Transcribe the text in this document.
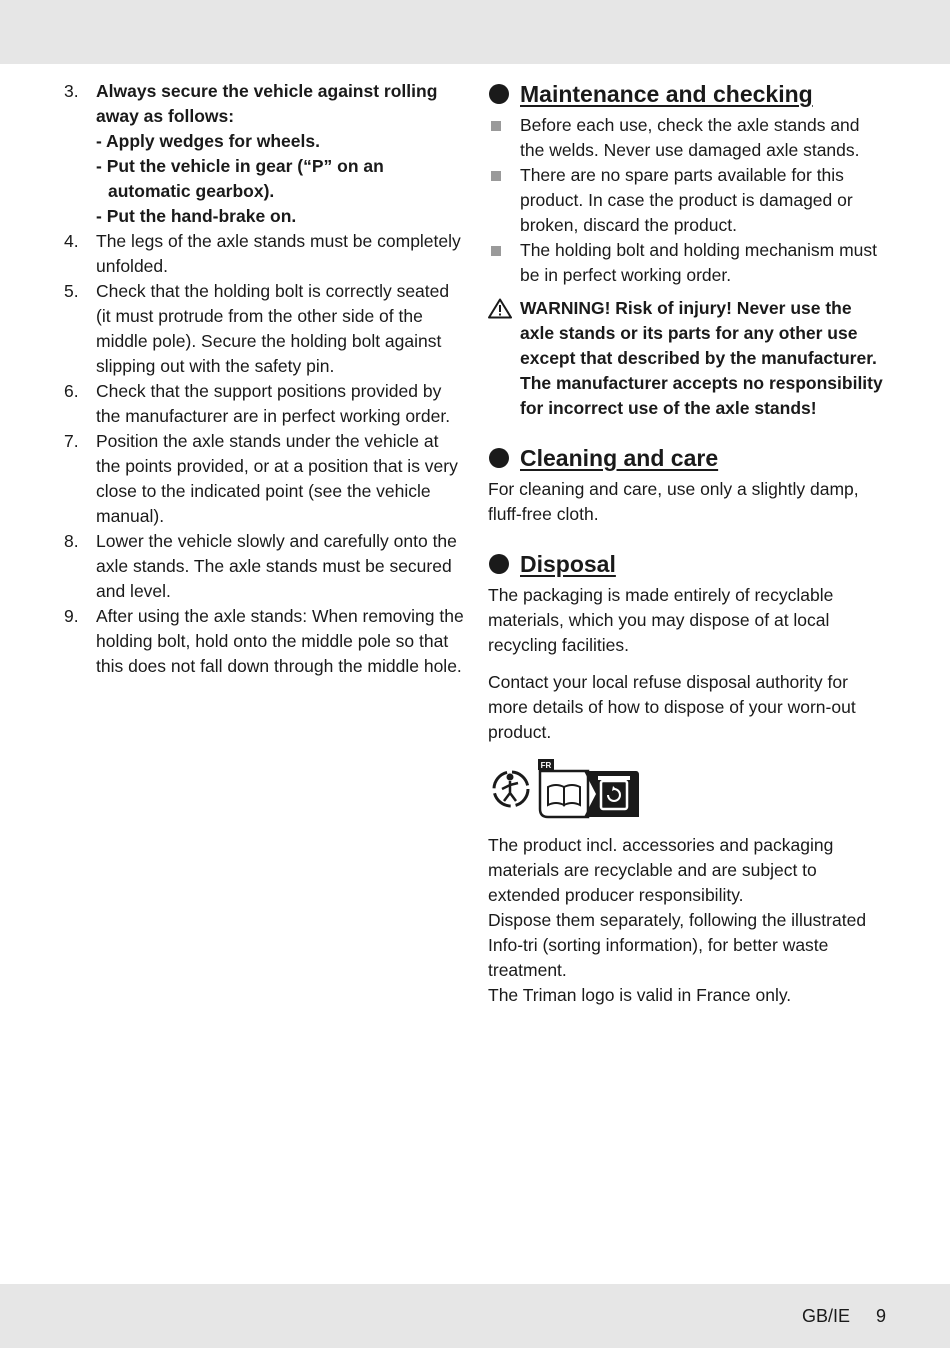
3. Always secure the vehicle against rolling away as follows:
- Apply wedges for wheels.
- Put the vehicle in gear (“P” on an automatic gearbox).
- Put the hand-brake on.
4. The legs of the axle stands must be completely unfolded.
5. Check that the holding bolt is correctly seated (it must protrude from the other side of the middle pole). Secure the holding bolt against slipping out with the safety pin.
6. Check that the support positions provided by the manufacturer are in perfect working order.
7. Position the axle stands under the vehicle at the points provided, or at a position that is very close to the indicated point (see the vehicle manual).
8. Lower the vehicle slowly and carefully onto the axle stands. The axle stands must be secured and level.
9. After using the axle stands: When removing the holding bolt, hold onto the middle pole so that this does not fall down through the middle hole.
Maintenance and checking
Before each use, check the axle stands and the welds. Never use damaged axle stands.
There are no spare parts available for this product. In case the product is damaged or broken, discard the product.
The holding bolt and holding mechanism must be in perfect working order.
WARNING! Risk of injury! Never use the axle stands or its parts for any other use except that described by the manufacturer. The manufacturer accepts no responsibility for incorrect use of the axle stands!
Cleaning and care

For cleaning and care, use only a slightly damp, fluff-free cloth.

Disposal

The packaging is made entirely of recyclable materials, which you may dispose of at local recycling facilities.

Contact your local refuse disposal authority for more details of how to dispose of your worn-out product.

FR

The product incl. accessories and packaging materials are recyclable and are subject to extended producer responsibility.

Dispose them separately, following the illustrated Info-tri (sorting information), for better waste treatment.

The Triman logo is valid in France only.

GB/IE 9
